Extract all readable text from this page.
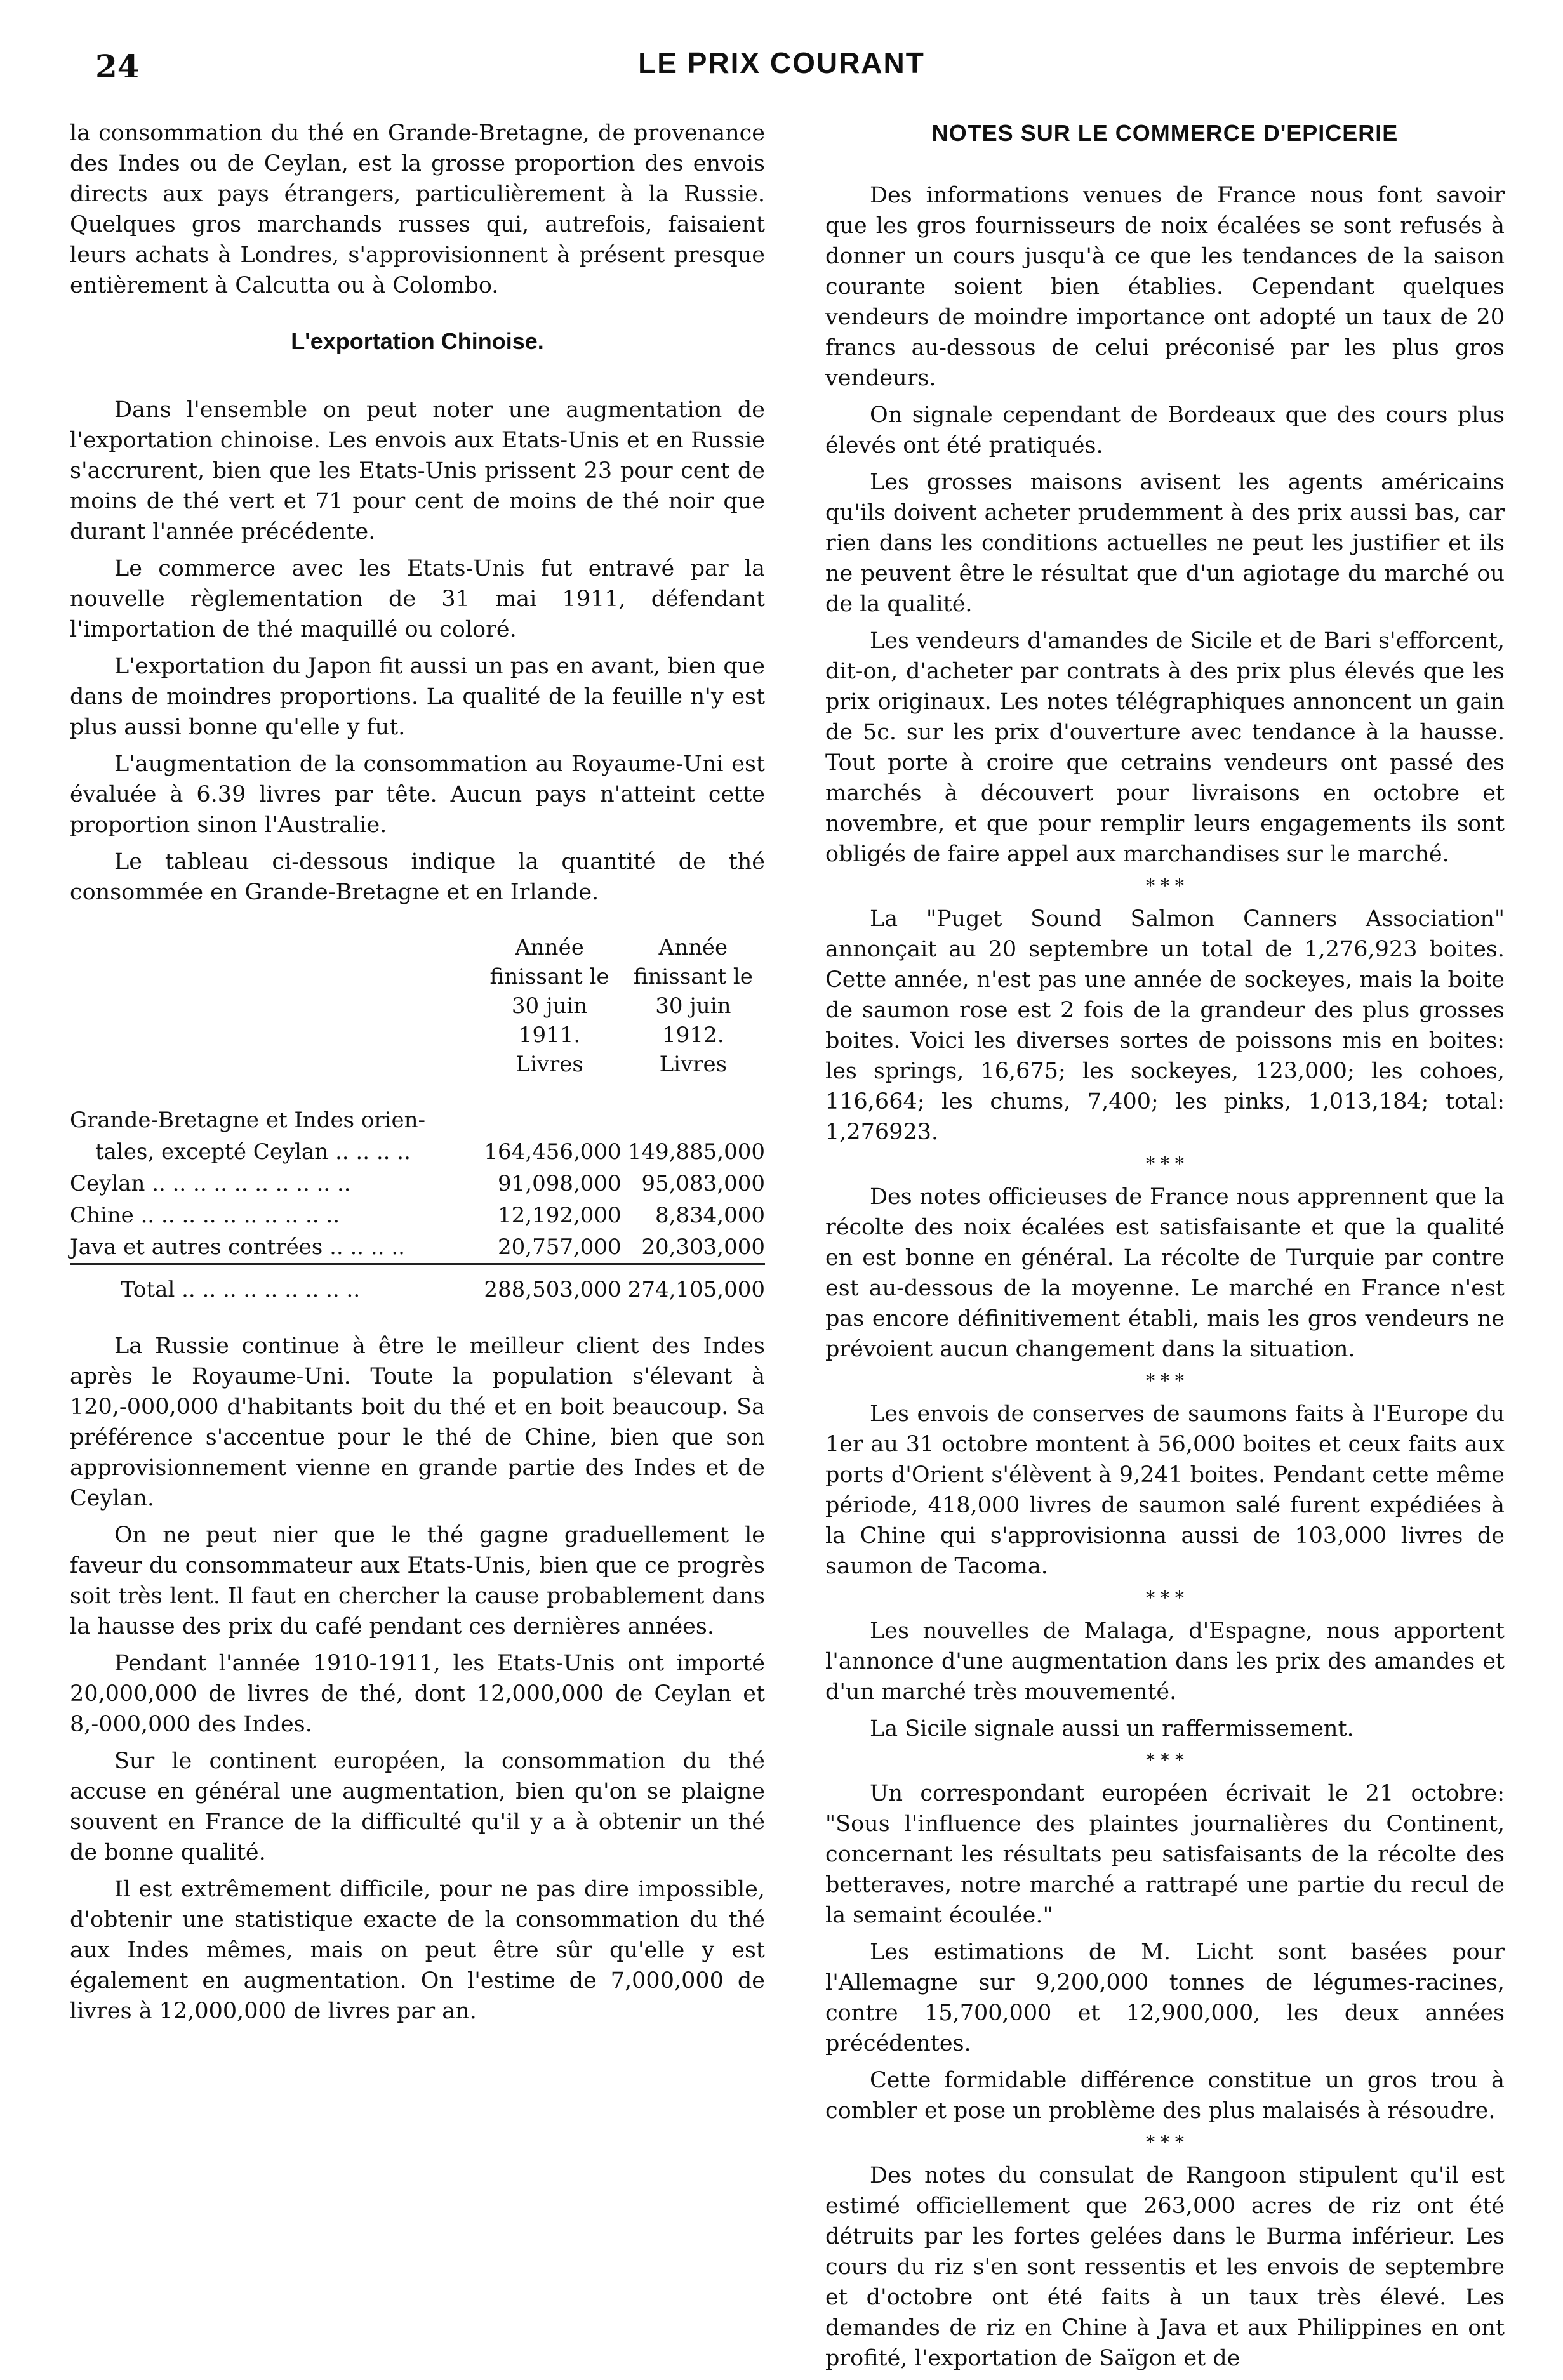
24	LE PRIX COURANT

la consommation du thé en Grande-Bretagne, de provenance des Indes ou de Ceylan, est la grosse proportion des envois directs aux pays étrangers, particulièrement à la Russie. Quelques gros marchands russes qui, autrefois, faisaient leurs achats à Londres, s'approvisionnent à présent presque entièrement à Calcutta ou à Colombo.

L'exportation Chinoise.

Dans l'ensemble on peut noter une augmentation de l'exportation chinoise. Les envois aux Etats-Unis et en Russie s'accrurent, bien que les Etats-Unis prissent 23 pour cent de moins de thé vert et 71 pour cent de moins de thé noir que durant l'année précédente.

Le commerce avec les Etats-Unis fut entravé par la nouvelle règlementation de 31 mai 1911, défendant l'importation de thé maquillé ou coloré.

L'exportation du Japon fit aussi un pas en avant, bien que dans de moindres proportions. La qualité de la feuille n'y est plus aussi bonne qu'elle y fut.

L'augmentation de la consommation au Royaume-Uni est évaluée à 6.39 livres par tête. Aucun pays n'atteint cette proportion sinon l'Australie.

Le tableau ci-dessous indique la quantité de thé consommée en Grande-Bretagne et en Irlande.

	Année
finissant le
30 juin 1911.
Livres	Année
finissant le
30 juin 1912.
Livres

Grande-Bretagne et Indes orien-
tales, excepté Ceylan .. .. .. ..	164,456,000	149,885,000
Ceylan .. .. .. .. .. .. .. .. .. ..	91,098,000	95,083,000
Chine .. .. .. .. .. .. .. .. .. ..	12,192,000	8,834,000
Java et autres contrées .. .. .. ..	20,757,000	20,303,000

Total .. .. .. .. .. .. .. .. ..	288,503,000	274,105,000

La Russie continue à être le meilleur client des Indes après le Royaume-Uni. Toute la population s'élevant à 120,-000,000 d'habitants boit du thé et en boit beaucoup. Sa préférence s'accentue pour le thé de Chine, bien que son approvisionnement vienne en grande partie des Indes et de Ceylan.

On ne peut nier que le thé gagne graduellement le faveur du consommateur aux Etats-Unis, bien que ce progrès soit très lent. Il faut en chercher la cause probablement dans la hausse des prix du café pendant ces dernières années.

Pendant l'année 1910-1911, les Etats-Unis ont importé 20,000,000 de livres de thé, dont 12,000,000 de Ceylan et 8,-000,000 des Indes.

Sur le continent européen, la consommation du thé accuse en général une augmentation, bien qu'on se plaigne souvent en France de la difficulté qu'il y a à obtenir un thé de bonne qualité.

Il est extrêmement difficile, pour ne pas dire impossible, d'obtenir une statistique exacte de la consommation du thé aux Indes mêmes, mais on peut être sûr qu'elle y est également en augmentation. On l'estime de 7,000,000 de livres à 12,000,000 de livres par an.

NOTES SUR LE COMMERCE D'EPICERIE

Des informations venues de France nous font savoir que les gros fournisseurs de noix écalées se sont refusés à donner un cours jusqu'à ce que les tendances de la saison courante soient bien établies. Cependant quelques vendeurs de moindre importance ont adopté un taux de 20 francs au-dessous de celui préconisé par les plus gros vendeurs.

On signale cependant de Bordeaux que des cours plus élevés ont été pratiqués.

Les grosses maisons avisent les agents américains qu'ils doivent acheter prudemment à des prix aussi bas, car rien dans les conditions actuelles ne peut les justifier et ils ne peuvent être le résultat que d'un agiotage du marché ou de la qualité.

Les vendeurs d'amandes de Sicile et de Bari s'efforcent, dit-on, d'acheter par contrats à des prix plus élevés que les prix originaux. Les notes télégraphiques annoncent un gain de 5c. sur les prix d'ouverture avec tendance à la hausse. Tout porte à croire que cetrains vendeurs ont passé des marchés à découvert pour livraisons en octobre et novembre, et que pour remplir leurs engagements ils sont obligés de faire appel aux marchandises sur le marché.

* * *

La "Puget Sound Salmon Canners Association" annonçait au 20 septembre un total de 1,276,923 boites. Cette année, n'est pas une année de sockeyes, mais la boite de saumon rose est 2 fois de la grandeur des plus grosses boites. Voici les diverses sortes de poissons mis en boites: les springs, 16,675; les sockeyes, 123,000; les cohoes, 116,664; les chums, 7,400; les pinks, 1,013,184; total: 1,276923.

* * *

Des notes officieuses de France nous apprennent que la récolte des noix écalées est satisfaisante et que la qualité en est bonne en général. La récolte de Turquie par contre est au-dessous de la moyenne. Le marché en France n'est pas encore définitivement établi, mais les gros vendeurs ne prévoient aucun changement dans la situation.

* * *

Les envois de conserves de saumons faits à l'Europe du 1er au 31 octobre montent à 56,000 boites et ceux faits aux ports d'Orient s'élèvent à 9,241 boites. Pendant cette même période, 418,000 livres de saumon salé furent expédiées à la Chine qui s'approvisionna aussi de 103,000 livres de saumon de Tacoma.

* * *

Les nouvelles de Malaga, d'Espagne, nous apportent l'annonce d'une augmentation dans les prix des amandes et d'un marché très mouvementé.

La Sicile signale aussi un raffermissement.

* * *

Un correspondant européen écrivait le 21 octobre: "Sous l'influence des plaintes journalières du Continent, concernant les résultats peu satisfaisants de la récolte des betteraves, notre marché a rattrapé une partie du recul de la semaint écoulée."

Les estimations de M. Licht sont basées pour l'Allemagne sur 9,200,000 tonnes de légumes-racines, contre 15,700,000 et 12,900,000, les deux années précédentes.

Cette formidable différence constitue un gros trou à combler et pose un problème des plus malaisés à résoudre.

* * *

Des notes du consulat de Rangoon stipulent qu'il est estimé officiellement que 263,000 acres de riz ont été détruits par les fortes gelées dans le Burma inférieur. Les cours du riz s'en sont ressentis et les envois de septembre et d'octobre ont été faits à un taux très élevé. Les demandes de riz en Chine à Java et aux Philippines en ont profité, l'exportation de Saïgon et de
